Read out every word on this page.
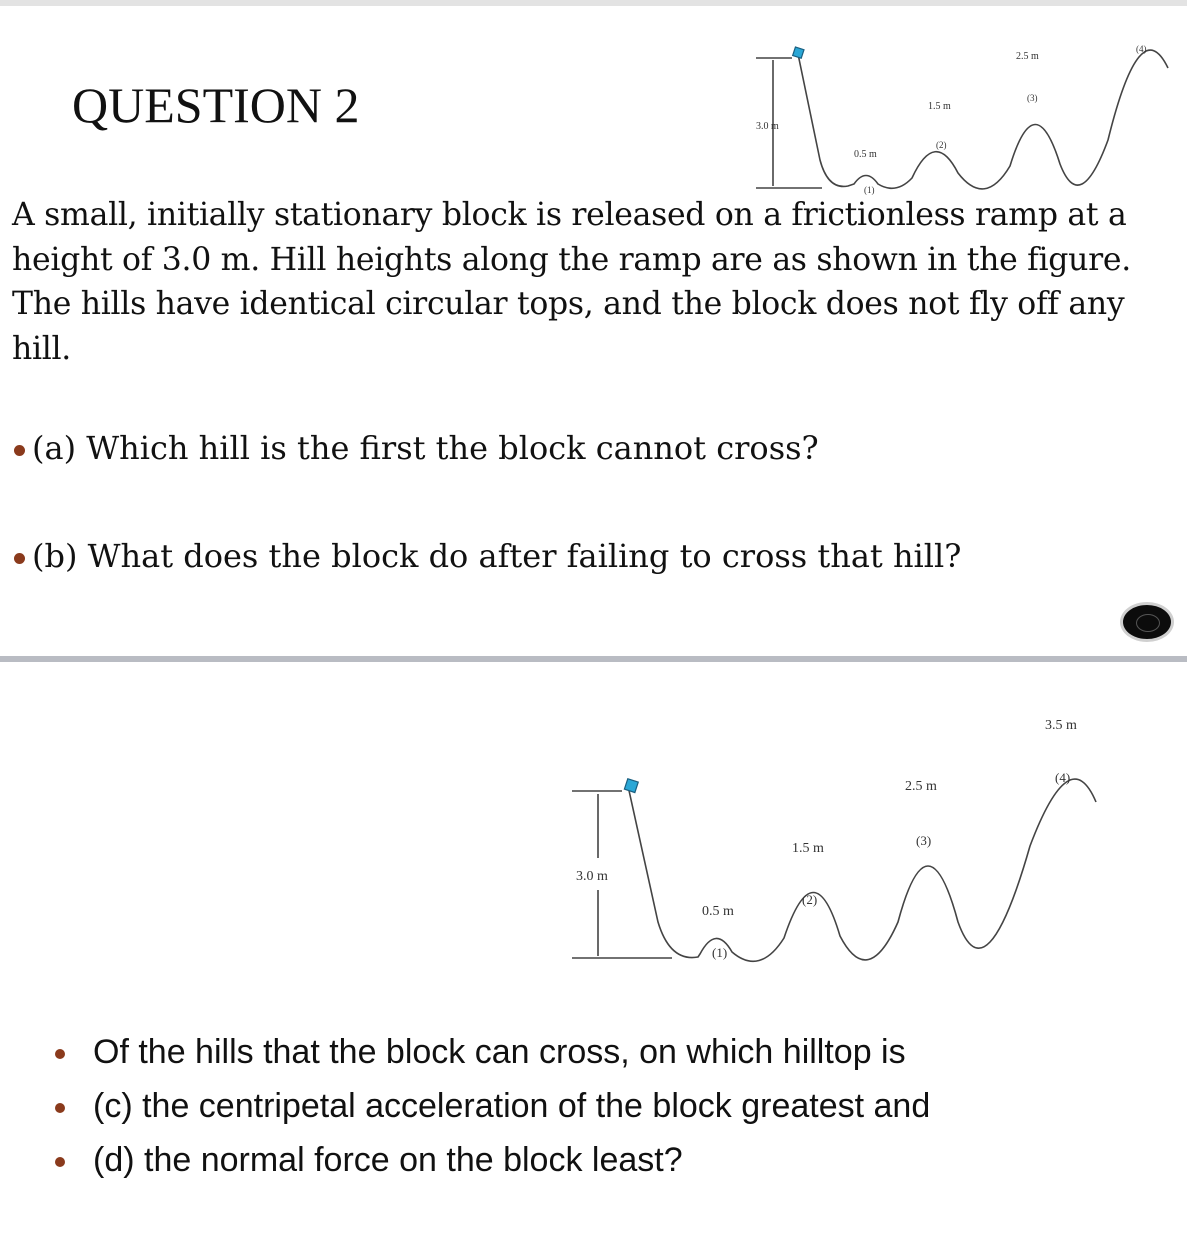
QUESTION 2	3.0 m
0.5 m
(1)
1.5 m
(2)
2.5 m
(3)
(4)

A small, initially stationary block is released on a frictionless ramp at a height of 3.0 m. Hill heights along the ramp are as shown in the figure. The hills have identical circular tops, and the block does not fly off any hill.

(a) Which hill is the first the block cannot cross?
(b) What does the block do after failing to cross that hill?
3.0 m
0.5 m
(1)
1.5 m
(2)
2.5 m
(3)
3.5 m
(4)
Of the hills that the block can cross, on which hilltop is
(c) the centripetal acceleration of the block greatest and
(d) the normal force on the block least?
